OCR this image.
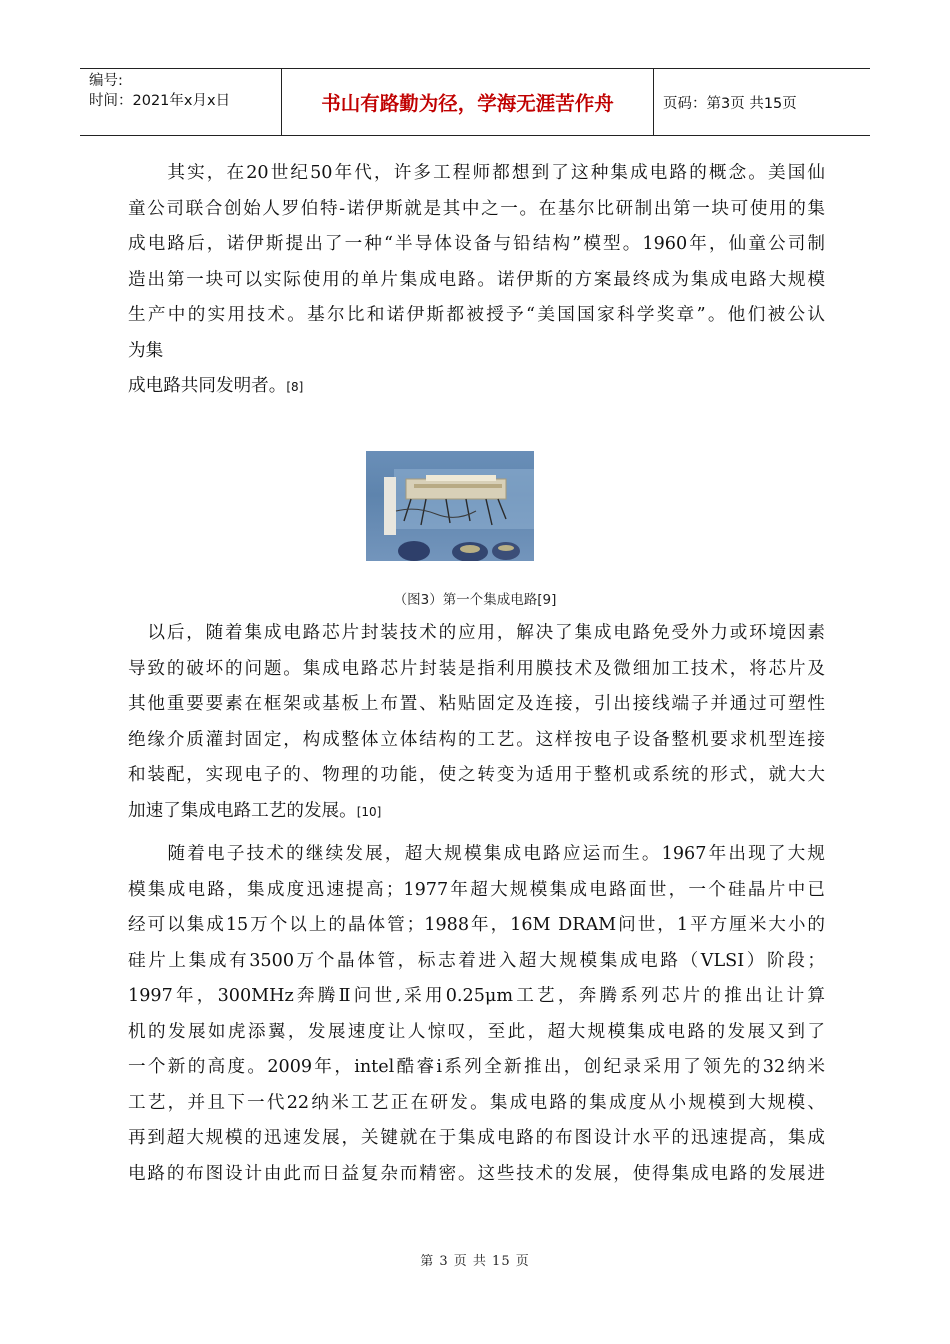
编号:
时间：2021年x月x日	书山有路勤为径，学海无涯苦作舟	页码：第3页 共15页
　　其实，在20世纪50年代，许多工程师都想到了这种集成电路的概念。美国仙
童公司联合创始人罗伯特-诺伊斯就是其中之一。在基尔比研制出第一块可使用的集
成电路后，诺伊斯提出了一种“半导体设备与铅结构”模型。1960年，仙童公司制
造出第一块可以实际使用的单片集成电路。诺伊斯的方案最终成为集成电路大规模
生产中的实用技术。基尔比和诺伊斯都被授予“美国国家科学奖章”。他们被公认
为集
成电路共同发明者。[8]
（图3）第一个集成电路[9]
　以后，随着集成电路芯片封装技术的应用，解决了集成电路免受外力或环境因素
导致的破坏的问题。集成电路芯片封装是指利用膜技术及微细加工技术，将芯片及
其他重要要素在框架或基板上布置、粘贴固定及连接，引出接线端子并通过可塑性
绝缘介质灌封固定，构成整体立体结构的工艺。这样按电子设备整机要求机型连接
和装配，实现电子的、物理的功能，使之转变为适用于整机或系统的形式，就大大
加速了集成电路工艺的发展。[10]
　　随着电子技术的继续发展，超大规模集成电路应运而生。1967年出现了大规
模集成电路，集成度迅速提高；1977年超大规模集成电路面世，一个硅晶片中已
经可以集成15万个以上的晶体管；1988年，16M DRAM问世，1平方厘米大小的
硅片上集成有3500万个晶体管，标志着进入超大规模集成电路（VLSI）阶段；
1997年，300MHz奔腾Ⅱ问世,采用0.25μm工艺，奔腾系列芯片的推出让计算
机的发展如虎添翼，发展速度让人惊叹，至此，超大规模集成电路的发展又到了
一个新的高度。2009年，intel酷睿i系列全新推出，创纪录采用了领先的32纳米
工艺，并且下一代22纳米工艺正在研发。集成电路的集成度从小规模到大规模、
再到超大规模的迅速发展，关键就在于集成电路的布图设计水平的迅速提高，集成
电路的布图设计由此而日益复杂而精密。这些技术的发展，使得集成电路的发展进
第 3 页 共 15 页
